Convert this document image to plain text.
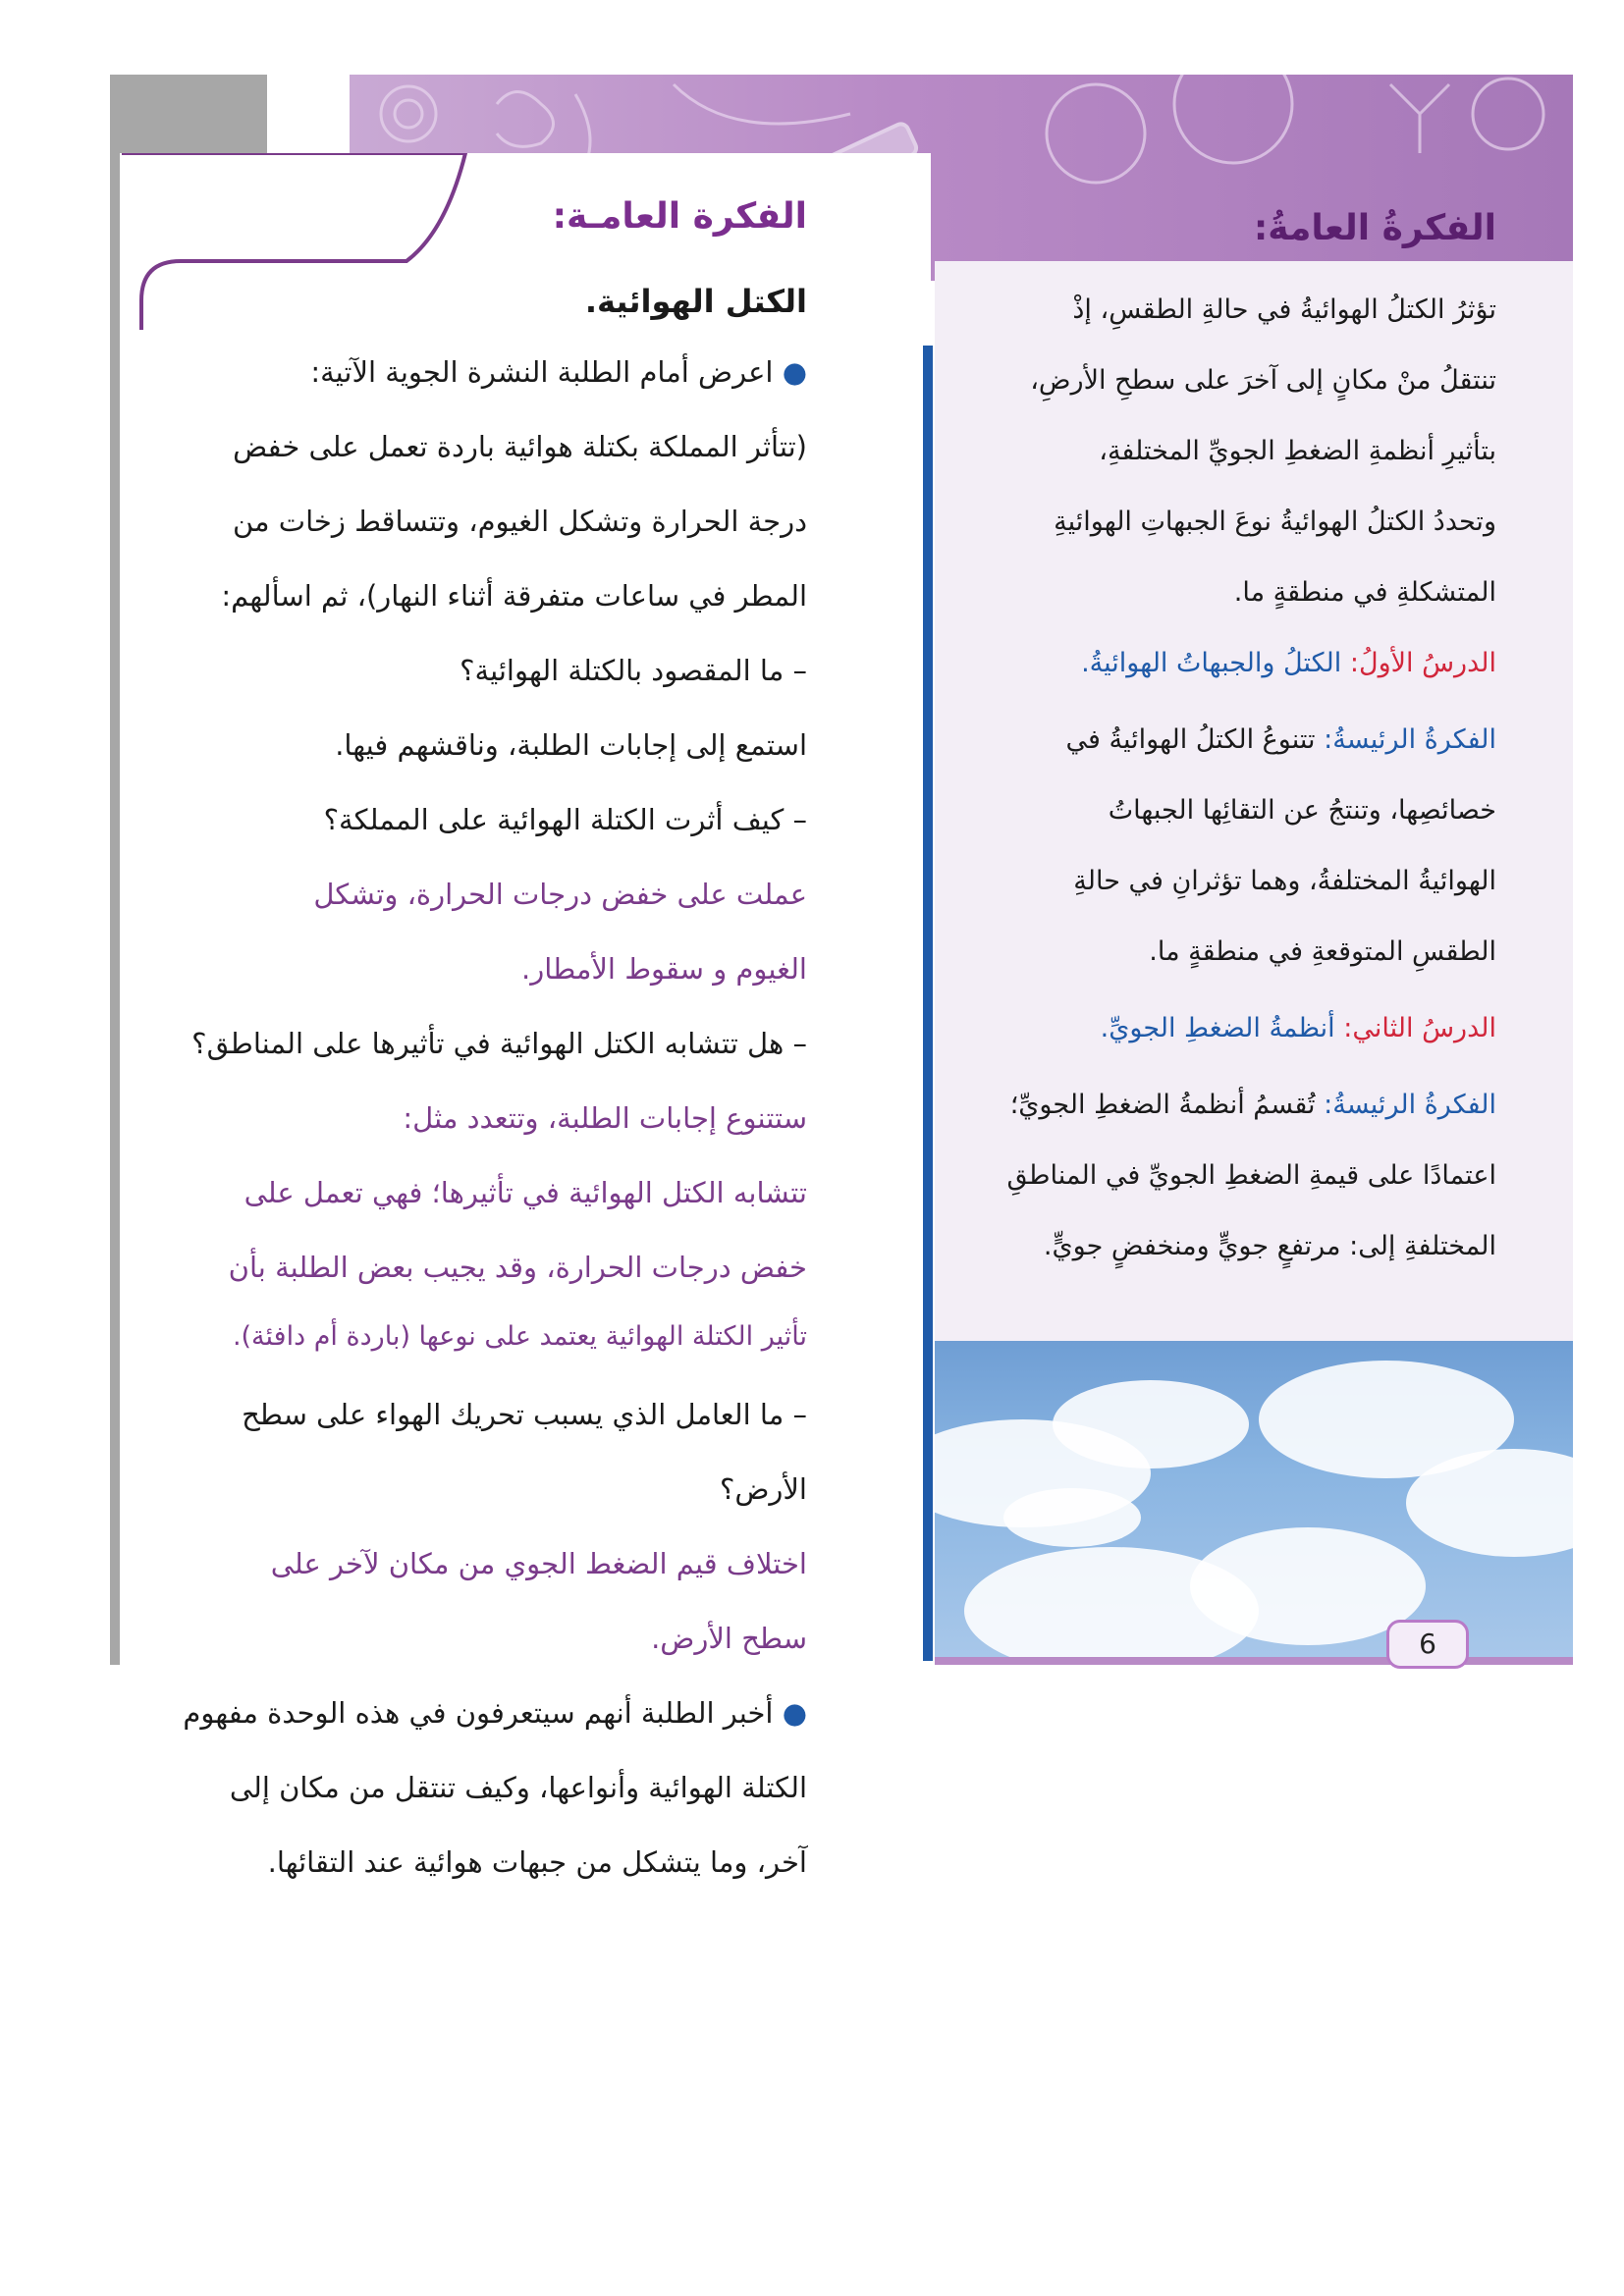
6
الفكرة العامـة:
الكتل الهوائية.
● اعرض أمام الطلبة النشرة الجوية الآتية:
(تتأثر المملكة بكتلة هوائية باردة تعمل على خفض
درجة الحرارة وتشكل الغيوم، وتتساقط زخات من
المطر في ساعات متفرقة أثناء النهار)، ثم اسألهم:
– ما المقصود بالكتلة الهوائية؟
استمع إلى إجابات الطلبة، وناقشهم فيها.
– كيف أثرت الكتلة الهوائية على المملكة؟
عملت على خفض درجات الحرارة، وتشكل
الغيوم و سقوط الأمطار.
– هل تتشابه الكتل الهوائية في تأثيرها على المناطق؟
ستتنوع إجابات الطلبة، وتتعدد مثل:
تتشابه الكتل الهوائية في تأثيرها؛ فهي تعمل على
خفض درجات الحرارة، وقد يجيب بعض الطلبة بأن
تأثير الكتلة الهوائية يعتمد على نوعها (باردة أم دافئة).
– ما العامل الذي يسبب تحريك الهواء على سطح
الأرض؟
اختلاف قيم الضغط الجوي من مكان لآخر على
سطح الأرض.
● أخبر الطلبة أنهم سيتعرفون في هذه الوحدة مفهوم
الكتلة الهوائية وأنواعها، وكيف تنتقل من مكان إلى
آخر، وما يتشكل من جبهات هوائية عند التقائها.
الفكرةُ العامةُ:
تؤثرُ الكتلُ الهوائيةُ في حالةِ الطقسِ، إذْ
تنتقلُ منْ مكانٍ إلى آخرَ على سطحِ الأرضِ،
بتأثيرِ أنظمةِ الضغطِ الجويِّ المختلفةِ،
وتحددُ الكتلُ الهوائيةُ نوعَ الجبهاتِ الهوائيةِ
المتشكلةِ في منطقةٍ ما.
الدرسُ الأولُ: الكتلُ والجبهاتُ الهوائيةُ.
الفكرةُ الرئيسةُ: تتنوعُ الكتلُ الهوائيةُ في
خصائصِها، وتنتجُ عن التقائِها الجبهاتُ
الهوائيةُ المختلفةُ، وهما تؤثرانِ في حالةِ
الطقسِ المتوقعةِ في منطقةٍ ما.
الدرسُ الثاني: أنظمةُ الضغطِ الجويِّ.
الفكرةُ الرئيسةُ: تُقسمُ أنظمةُ الضغطِ الجويِّ؛
اعتمادًا على قيمةِ الضغطِ الجويِّ في المناطقِ
المختلفةِ إلى: مرتفعٍ جويٍّ ومنخفضٍ جويٍّ.
